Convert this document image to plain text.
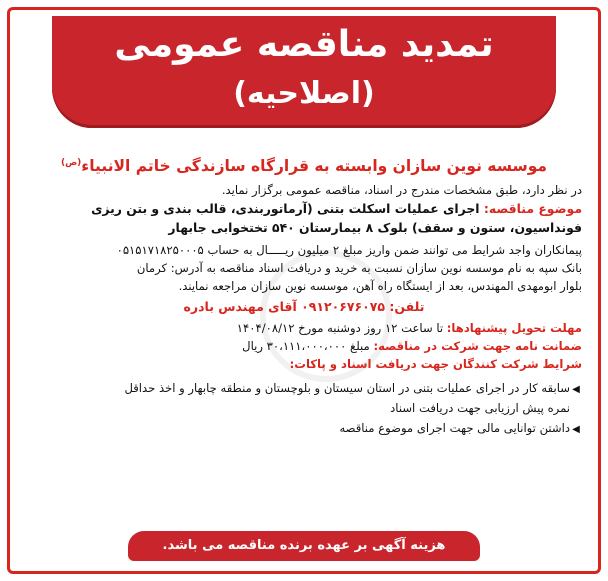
تمدید مناقصه عمومی
(اصلاحیه)

موسسه نوین سازان وابسته به قرارگاه سازندگی خاتم الانبیاء$^{(ص)}$

در نظر دارد، طبق مشخصات مندرج در اسناد، مناقصه عمومی برگزار نماید.

موضوع مناقصه: اجرای عملیات اسکلت بتنی (آرماتوربندی، قالب بندی و بتن ریزی

فونداسیون، ستون و سقف) بلوک ۸ بیمارستان ۵۴۰ تختخوابی جابهار

پیمانکاران واجد شرایط می توانند ضمن واریز مبلغ ۲ میلیون ریـــــال به حساب ۰۵۱۵۱۷۱۸۲۵۰۰۰۵

بانک سپه به نام موسسه نوین سازان نسبت به خرید و دریافت اسناد مناقصه به آدرس: کرمان

بلوار ابومهدی المهندس، بعد از ایستگاه راه آهن، موسسه نوین سازان مراجعه نمایند.

تلفن: ۰۹۱۲۰۶۷۶۰۷۵ آقای مهندس بادره

مهلت تحویل پیشنهادها: تا ساعت ۱۲ روز دوشنبه مورخ ۱۴۰۴/۰۸/۱۲

ضمانت نامه جهت شرکت در مناقصه: مبلغ ۳۰،۱۱۱،۰۰۰،۰۰۰ ریال

شرایط شرکت کنندگان جهت دریافت اسناد و پاکات:

◀سابقه کار در اجرای عملیات بتنی در استان سیستان و بلوچستان و منطقه چابهار و اخذ حداقل

نمره پیش ارزیابی جهت دریافت اسناد

◀داشتن توانایی مالی جهت اجرای موضوع مناقصه

هزینه آگهی بر عهده برنده مناقصه می باشد.
